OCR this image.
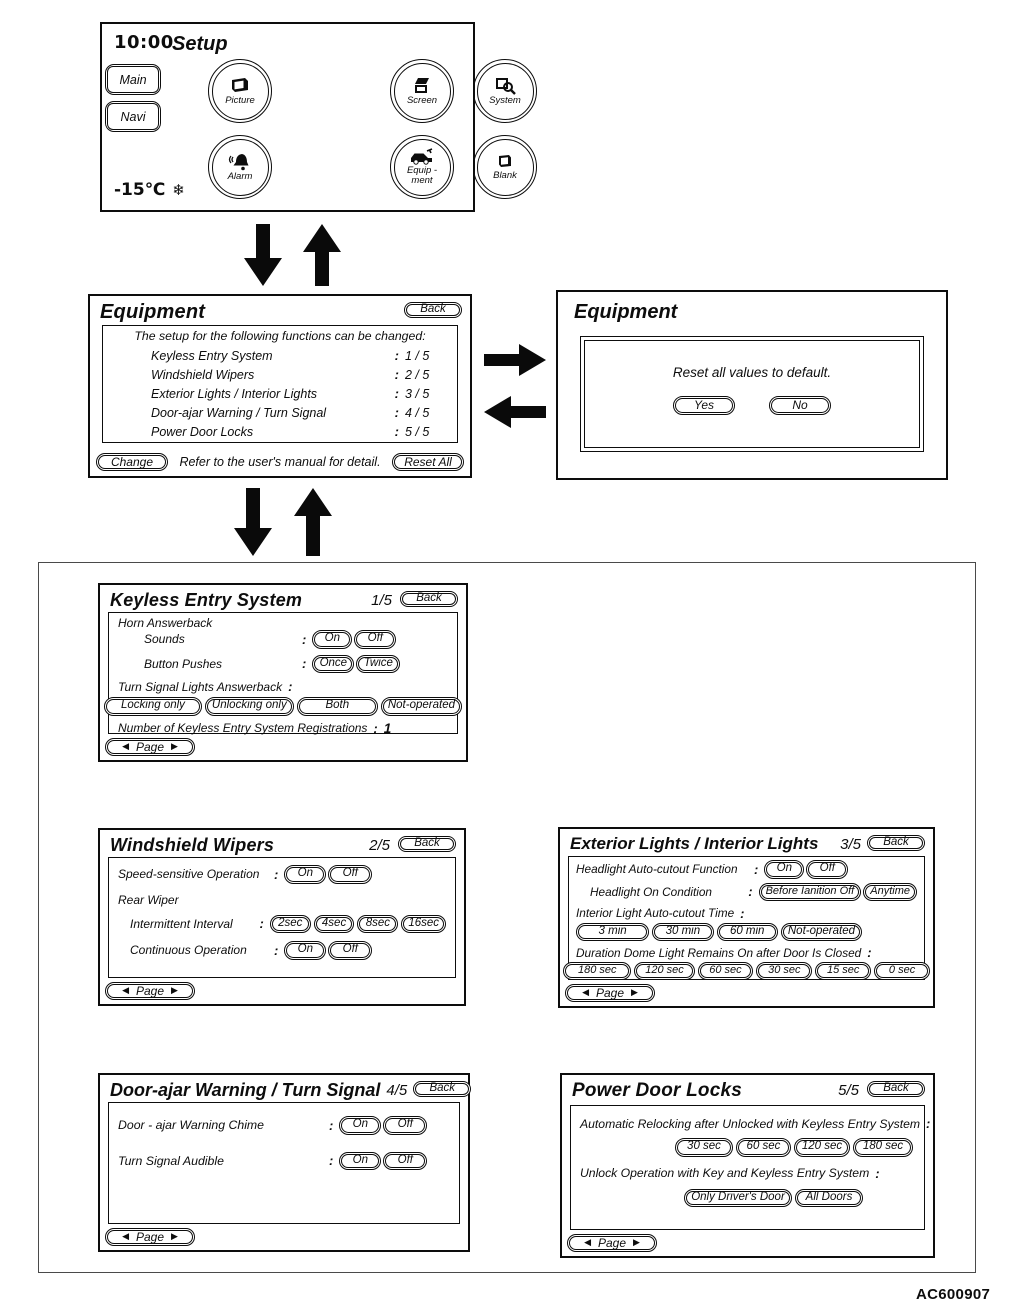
10:00
Setup
Main
Navi
Picture	Screen	System
Alarm
Equip -
ment	Blank
-15℃ ❄
Equipment	Back
The setup for the following functions can be changed:
Keyless Entry System	: 1 / 5
Windshield Wipers	: 2 / 5
Exterior Lights / Interior Lights	: 3 / 5
Door-ajar Warning / Turn Signal	: 4 / 5
Power Door Locks	: 5 / 5
Change	Refer to the user's manual for detail.	Reset All
Equipment
Reset all values to default.
Yes	No
Keyless Entry System	1/5	Back
Horn Answerback
Sounds	:	On	Off
Button Pushes	:	Once	Twice
Turn Signal Lights Answerback :
Locking only	Unlocking only	Both	Not-operated
Number of Keyless Entry System Registrations : 1
◀ Page ▶
Windshield Wipers	2/5	Back
Speed-sensitive Operation	:	On	Off
Rear Wiper
Intermittent Interval	:	2sec	4sec	8sec	16sec
Continuous Operation	:	On	Off
◀ Page ▶
Exterior Lights / Interior Lights	3/5	Back
Headlight Auto-cutout Function	:	On	Off
Headlight On Condition	:	Before Ianition Off	Anytime
Interior Light Auto-cutout Time :
3 min	30 min	60 min	Not-operated
Duration Dome Light Remains On after Door Is Closed :
180 sec	120 sec	60 sec	30 sec	15 sec	0 sec
◀ Page ▶
Door-ajar Warning / Turn Signal 4/5	Back
Door - ajar Warning Chime	:	On	Off
Turn Signal Audible	:	On	Off
◀ Page ▶
Power Door Locks	5/5	Back
Automatic Relocking after Unlocked with Keyless Entry System :
30 sec	60 sec	120 sec	180 sec
Unlock Operation with Key and Keyless Entry System :
Only Driver's Door	All Doors
◀ Page ▶
AC600907
